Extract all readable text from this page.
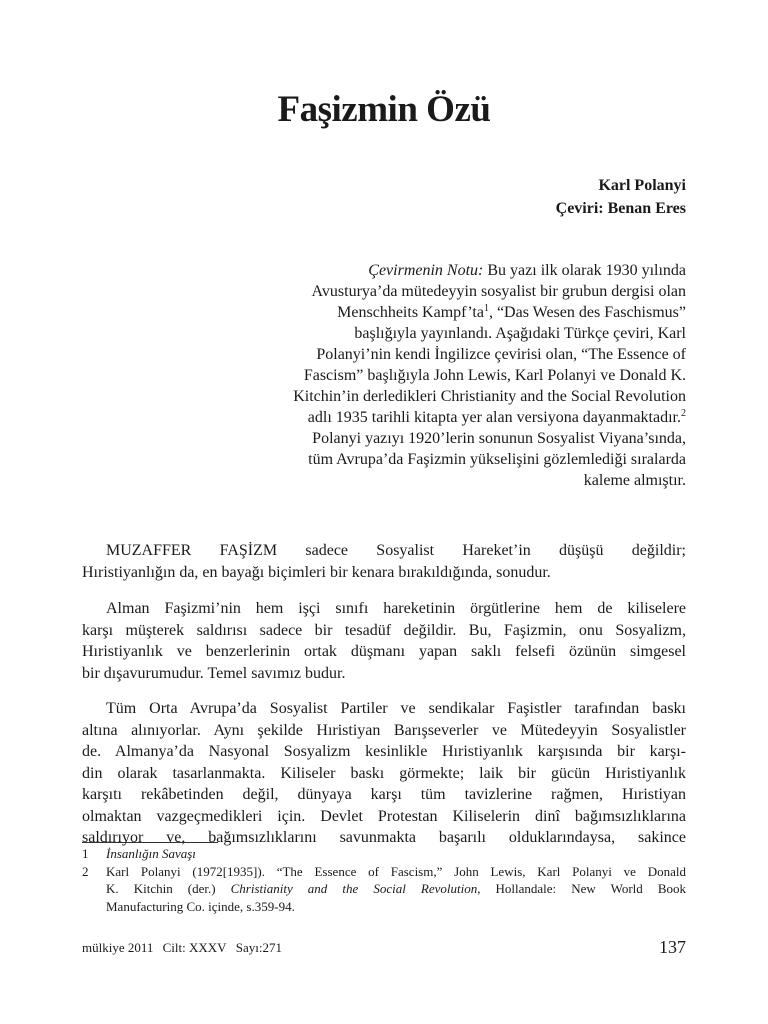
Faşizmin Özü
Karl Polanyi
Çeviri: Benan Eres
Çevirmenin Notu: Bu yazı ilk olarak 1930 yılında
Avusturya’da mütedeyyin sosyalist bir grubun dergisi olan
Menschheits $Kampf’ta^1$, “Das Wesen des Faschismus”
başlığıyla yayınlandı. Aşağıdaki Türkçe çeviri, Karl
Polanyi’nin kendi İngilizce çevirisi olan, “The Essence of
Fascism” başlığıyla John Lewis, Karl Polanyi ve Donald K.
Kitchin’in derledikleri Christianity and the Social Revolution
adlı 1935 tarihli kitapta yer alan versiyona dayanmaktadır.$^2$
Polanyi yazıyı 1920’lerin sonunun Sosyalist Viyana’sında,
tüm Avrupa’da Faşizmin yükselişini gözlemlediği sıralarda
kaleme almıştır.
MUZAFFER FAŞİZM sadece Sosyalist Hareket’in düşüşü değildir;
Hıristiyanlığın da, en bayağı biçimleri bir kenara bırakıldığında, sonudur.
Alman Faşizmi’nin hem işçi sınıfı hareketinin örgütlerine hem de kiliselere
karşı müşterek saldırısı sadece bir tesadüf değildir. Bu, Faşizmin, onu Sosyalizm,
Hıristiyanlık ve benzerlerinin ortak düşmanı yapan saklı felsefi özünün simgesel
bir dışavurumudur. Temel savımız budur.
Tüm Orta Avrupa’da Sosyalist Partiler ve sendikalar Faşistler tarafından baskı
altına alınıyorlar. Aynı şekilde Hıristiyan Barışseverler ve Mütedeyyin Sosyalistler
de. Almanya’da Nasyonal Sosyalizm kesinlikle Hıristiyanlık karşısında bir karşı-
din olarak tasarlanmakta. Kiliseler baskı görmekte; laik bir gücün Hıristiyanlık
karşıtı rekâbetinden değil, dünyaya karşı tüm tavizlerine rağmen, Hıristiyan
olmaktan vazgeçmedikleri için. Devlet Protestan Kiliselerin dinî bağımsızlıklarına
saldırıyor ve, bağımsızlıklarını savunmakta başarılı olduklarındaysa, sakince
1	İnsanlığın Savaşı
2	Karl Polanyi (1972[1935]). “The Essence of Fascism,” John Lewis, Karl Polanyi ve Donald
K. Kitchin (der.) Christianity and the Social Revolution, Hollandale: New World Book
Manufacturing Co. içinde, s.359-94.
mülkiye 2011 Cilt: XXXV Sayı:271	137
